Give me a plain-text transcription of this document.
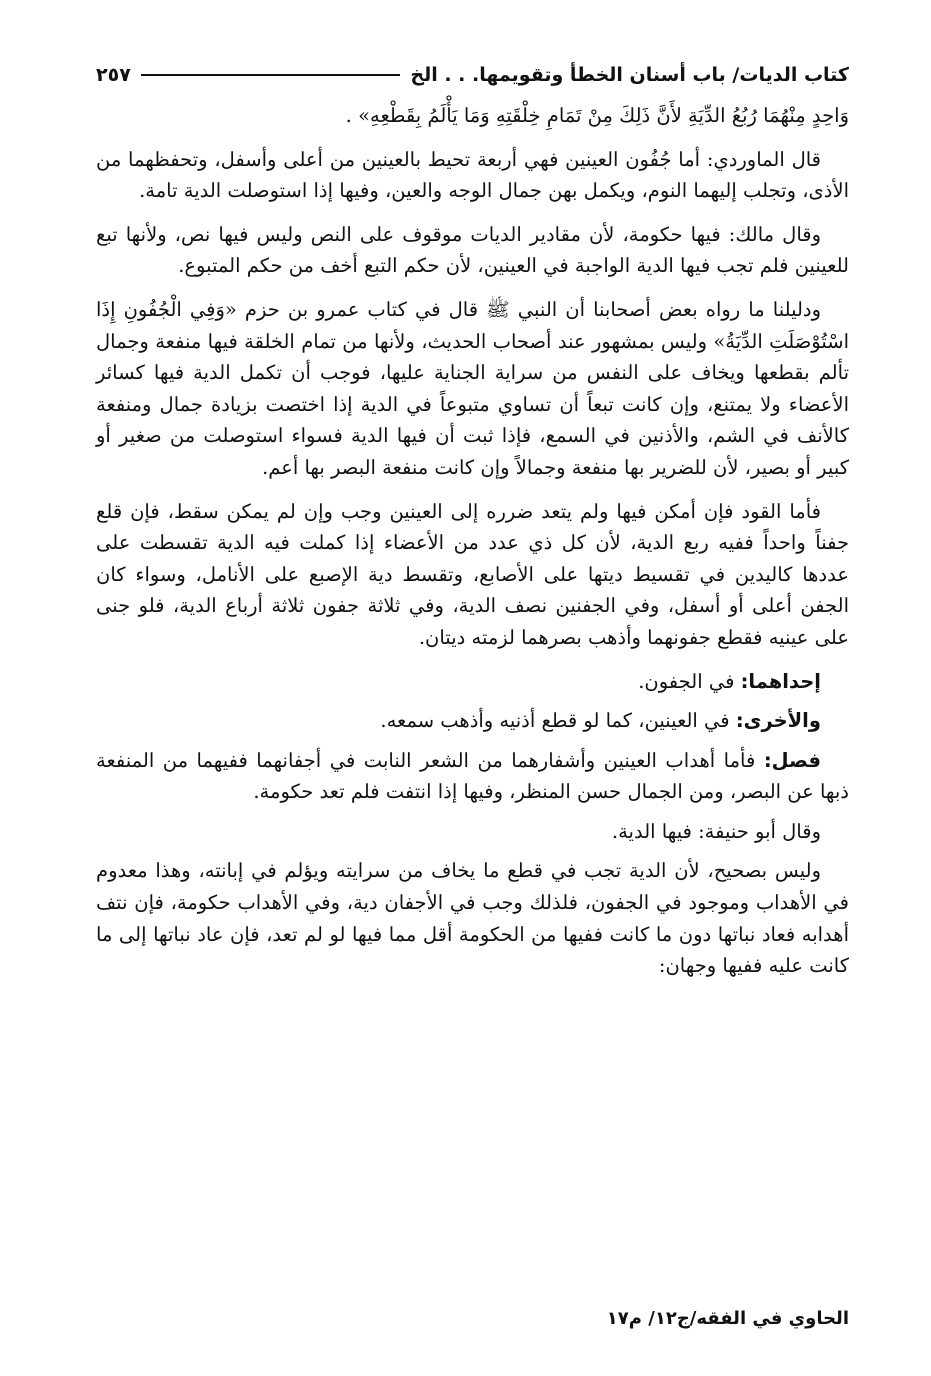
كتاب الديات/ باب أسنان الخطأ وتقويمها. . . الخ
٢٥٧

وَاحِدٍ مِنْهُمَا رُبُعُ الدِّيَةِ لأَنَّ ذَلِكَ مِنْ تَمَامِ خِلْقَتِهِ وَمَا يَأْلَمُ بِقَطْعِهِ» .

قال الماوردي: أما جُفُون العينين فهي أربعة تحيط بالعينين من أعلى وأسفل، وتحفظهما من الأذى، وتجلب إليهما النوم، ويكمل بهن جمال الوجه والعين، وفيها إذا استوصلت الدية تامة.

وقال مالك: فيها حكومة، لأن مقادير الديات موقوف على النص وليس فيها نص، ولأنها تبع للعينين فلم تجب فيها الدية الواجبة في العينين، لأن حكم التبع أخف من حكم المتبوع.

ودليلنا ما رواه بعض أصحابنا أن النبي ﷺ قال في كتاب عمرو بن حزم «وَفِي الْجُفُونِ إِذَا اسْتُوْصَلَتِ الدِّيَةُ» وليس بمشهور عند أصحاب الحديث، ولأنها من تمام الخلقة فيها منفعة وجمال تألم بقطعها ويخاف على النفس من سراية الجناية عليها، فوجب أن تكمل الدية فيها كسائر الأعضاء ولا يمتنع، وإن كانت تبعاً أن تساوي متبوعاً في الدية إذا اختصت بزيادة جمال ومنفعة كالأنف في الشم، والأذنين في السمع، فإذا ثبت أن فيها الدية فسواء استوصلت من صغير أو كبير أو بصير، لأن للضرير بها منفعة وجمالاً وإن كانت منفعة البصر بها أعم.

فأما القود فإن أمكن فيها ولم يتعد ضرره إلى العينين وجب وإن لم يمكن سقط، فإن قلع جفناً واحداً ففيه ربع الدية، لأن كل ذي عدد من الأعضاء إذا كملت فيه الدية تقسطت على عددها كاليدين في تقسيط ديتها على الأصابع، وتقسط دية الإصبع على الأنامل، وسواء كان الجفن أعلى أو أسفل، وفي الجفنين نصف الدية، وفي ثلاثة جفون ثلاثة أرباع الدية، فلو جنى على عينيه فقطع جفونهما وأذهب بصرهما لزمته ديتان.

إحداهما: في الجفون.

والأخرى: في العينين، كما لو قطع أذنيه وأذهب سمعه.

فصل: فأما أهداب العينين وأشفارهما من الشعر النابت في أجفانهما ففيهما من المنفعة ذبها عن البصر، ومن الجمال حسن المنظر، وفيها إذا انتفت فلم تعد حكومة.

وقال أبو حنيفة: فيها الدية.

وليس بصحيح، لأن الدية تجب في قطع ما يخاف من سرايته ويؤلم في إبانته، وهذا معدوم في الأهداب وموجود في الجفون، فلذلك وجب في الأجفان دية، وفي الأهداب حكومة، فإن نتف أهدابه فعاد نباتها دون ما كانت ففيها من الحكومة أقل مما فيها لو لم تعد، فإن عاد نباتها إلى ما كانت عليه ففيها وجهان:

الحاوي في الفقه/ج١٢/ م١٧
